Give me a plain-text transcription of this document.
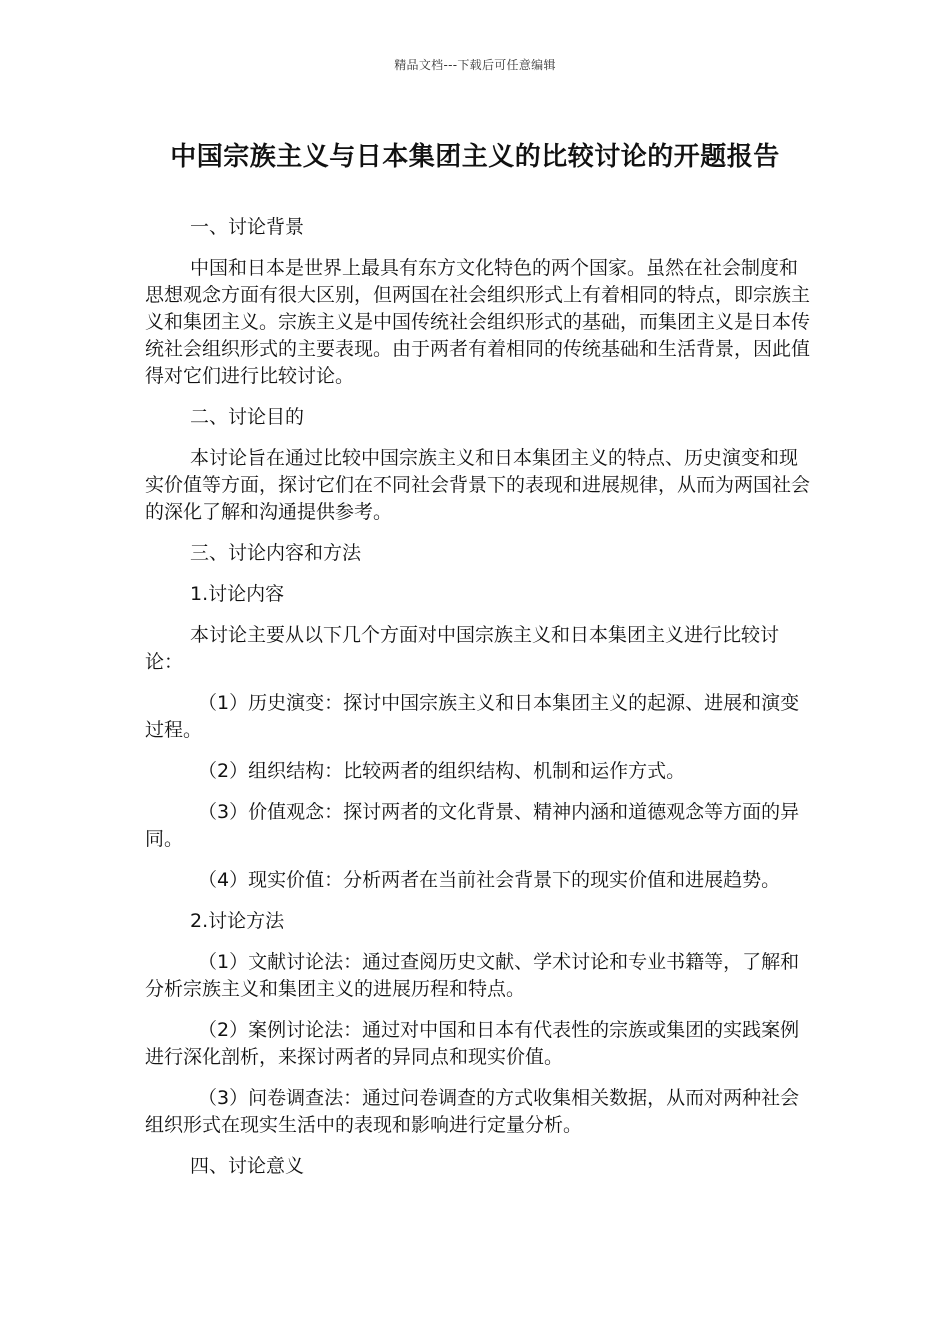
精品文档---下载后可任意编辑
中国宗族主义与日本集团主义的比较讨论的开题报告

一、讨论背景

中国和日本是世界上最具有东方文化特色的两个国家。虽然在社会制度和思想观念方面有很大区别，但两国在社会组织形式上有着相同的特点，即宗族主义和集团主义。宗族主义是中国传统社会组织形式的基础，而集团主义是日本传统社会组织形式的主要表现。由于两者有着相同的传统基础和生活背景，因此值得对它们进行比较讨论。

二、讨论目的

本讨论旨在通过比较中国宗族主义和日本集团主义的特点、历史演变和现实价值等方面，探讨它们在不同社会背景下的表现和进展规律，从而为两国社会的深化了解和沟通提供参考。

三、讨论内容和方法

1.讨论内容

本讨论主要从以下几个方面对中国宗族主义和日本集团主义进行比较讨论：

（1）历史演变：探讨中国宗族主义和日本集团主义的起源、进展和演变过程。

（2）组织结构：比较两者的组织结构、机制和运作方式。

（3）价值观念：探讨两者的文化背景、精神内涵和道德观念等方面的异同。

（4）现实价值：分析两者在当前社会背景下的现实价值和进展趋势。

2.讨论方法

（1）文献讨论法：通过查阅历史文献、学术讨论和专业书籍等，了解和分析宗族主义和集团主义的进展历程和特点。

（2）案例讨论法：通过对中国和日本有代表性的宗族或集团的实践案例进行深化剖析，来探讨两者的异同点和现实价值。

（3）问卷调查法：通过问卷调查的方式收集相关数据，从而对两种社会组织形式在现实生活中的表现和影响进行定量分析。

四、讨论意义
